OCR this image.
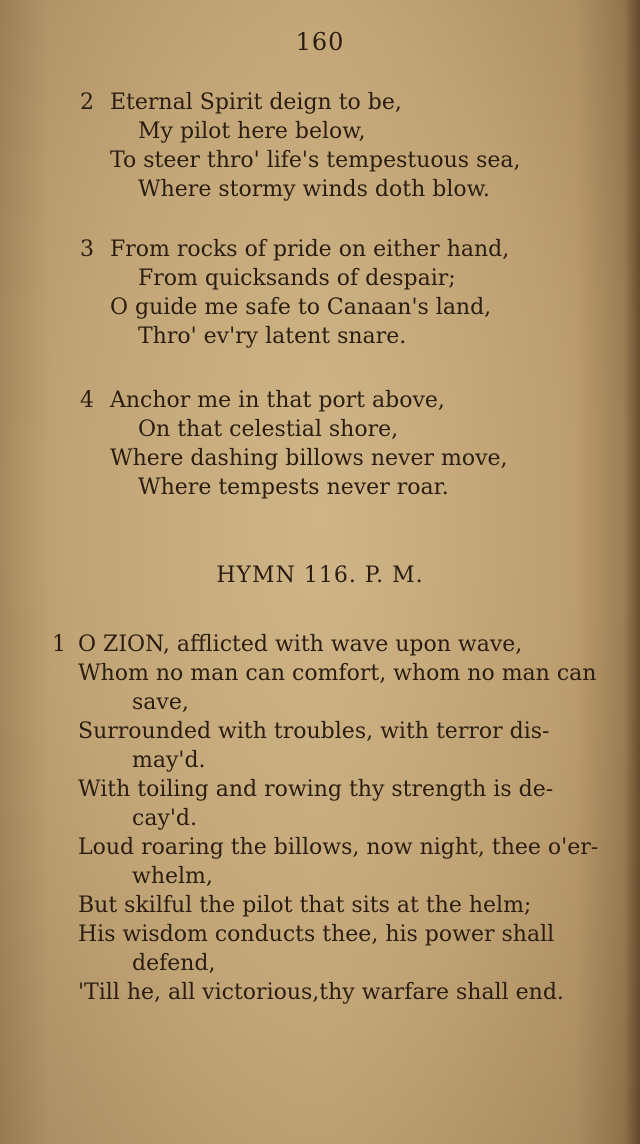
160
2 Eternal Spirit deign to be,
My pilot here below,
To steer thro' life's tempestuous sea,
Where stormy winds doth blow.
3 From rocks of pride on either hand,
From quicksands of despair;
O guide me safe to Canaan's land,
Thro' ev'ry latent snare.
4 Anchor me in that port above,
On that celestial shore,
Where dashing billows never move,
Where tempests never roar.
HYMN 116. P. M.
1 O ZION, afflicted with wave upon wave,
Whom no man can comfort, whom no man can
save,
Surrounded with troubles, with terror dis-
may'd.
With toiling and rowing thy strength is de-
cay'd.
Loud roaring the billows, now night, thee o'er-
whelm,
But skilful the pilot that sits at the helm;
His wisdom conducts thee, his power shall
defend,
'Till he, all victorious,thy warfare shall end.
